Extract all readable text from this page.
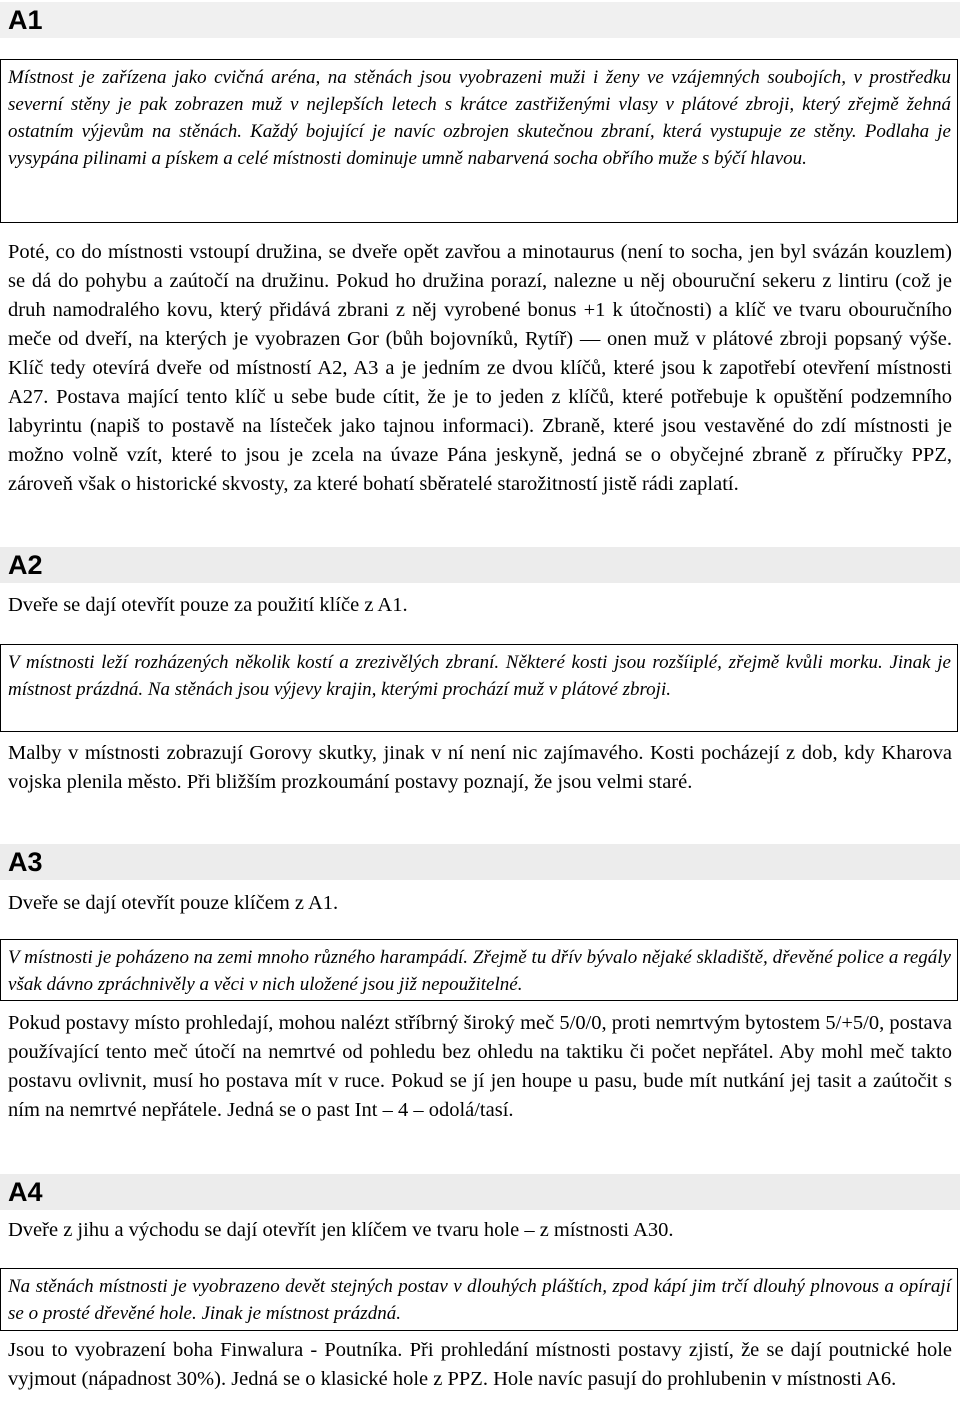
A1
Místnost je zařízena jako cvičná aréna, na stěnách jsou vyobrazeni muži i ženy ve vzájemných soubojích, v prostředku severní stěny je pak zobrazen muž v nejlepších letech s krátce zastřiženými vlasy v plátové zbroji, který zřejmě žehná ostatním výjevům na stěnách. Každý bojující je navíc ozbrojen skutečnou zbraní, která vystupuje ze stěny. Podlaha je vysypána pilinami a pískem a celé místnosti dominuje umně nabarvená socha obřího muže s býčí hlavou.
Poté, co do místnosti vstoupí družina, se dveře opět zavřou a minotaurus (není to socha, jen byl svázán kouzlem) se dá do pohybu a zaútočí na družinu. Pokud ho družina porazí, nalezne u něj obouruční sekeru z lintiru (což je druh namodralého kovu, který přidává zbrani z něj vyrobené bonus +1 k útočnosti) a klíč ve tvaru obouručního meče od dveří, na kterých je vyobrazen Gor (bůh bojovníků, Rytíř) — onen muž v plátové zbroji popsaný výše. Klíč tedy otevírá dveře od místností A2, A3 a je jedním ze dvou klíčů, které jsou k zapotřebí otevření místnosti A27. Postava mající tento klíč u sebe bude cítit, že je to jeden z klíčů, které potřebuje k opuštění podzemního labyrintu (napiš to postavě na lísteček jako tajnou informaci). Zbraně, které jsou vestavěné do zdí místnosti je možno volně vzít, které to jsou je zcela na úvaze Pána jeskyně, jedná se o obyčejné zbraně z příručky PPZ, zároveň však o historické skvosty, za které bohatí sběratelé starožitností jistě rádi zaplatí.
A2
Dveře se dají otevřít pouze za použití klíče z A1.
V místnosti leží rozházených několik kostí a zrezivělých zbraní. Některé kosti jsou rozšíiplé, zřejmě kvůli morku. Jinak je místnost prázdná. Na stěnách jsou výjevy krajin, kterými prochází muž v plátové zbroji.
Malby v místnosti zobrazují Gorovy skutky, jinak v ní není nic zajímavého. Kosti pocházejí z dob, kdy Kharova vojska plenila město. Při bližším prozkoumání postavy poznají, že jsou velmi staré.
A3
Dveře se dají otevřít pouze klíčem z A1.
V místnosti je poházeno na zemi mnoho různého harampádí. Zřejmě tu dřív bývalo nějaké skladiště, dřevěné police a regály však dávno zpráchnivěly a věci v nich uložené jsou již nepoužitelné.
Pokud postavy místo prohledají, mohou nalézt stříbrný široký meč 5/0/0, proti nemrtvým bytostem 5/+5/0, postava používající tento meč útočí na nemrtvé od pohledu bez ohledu na taktiku či počet nepřátel. Aby mohl meč takto postavu ovlivnit, musí ho postava mít v ruce. Pokud se jí jen houpe u pasu, bude mít nutkání jej tasit a zaútočit s ním na nemrtvé nepřátele. Jedná se o past Int – 4 – odolá/tasí.
A4
Dveře z jihu a východu se dají otevřít jen klíčem ve tvaru hole – z místnosti A30.
Na stěnách místnosti je vyobrazeno devět stejných postav v dlouhých pláštích, zpod kápí jim trčí dlouhý plnovous a opírají se o prosté dřevěné hole. Jinak je místnost prázdná.
Jsou to vyobrazení boha Finwalura - Poutníka. Při prohledání místnosti postavy zjistí, že se dají poutnické hole vyjmout (nápadnost 30%). Jedná se o klasické hole z PPZ. Hole navíc pasují do prohlubenin v místnosti A6.
